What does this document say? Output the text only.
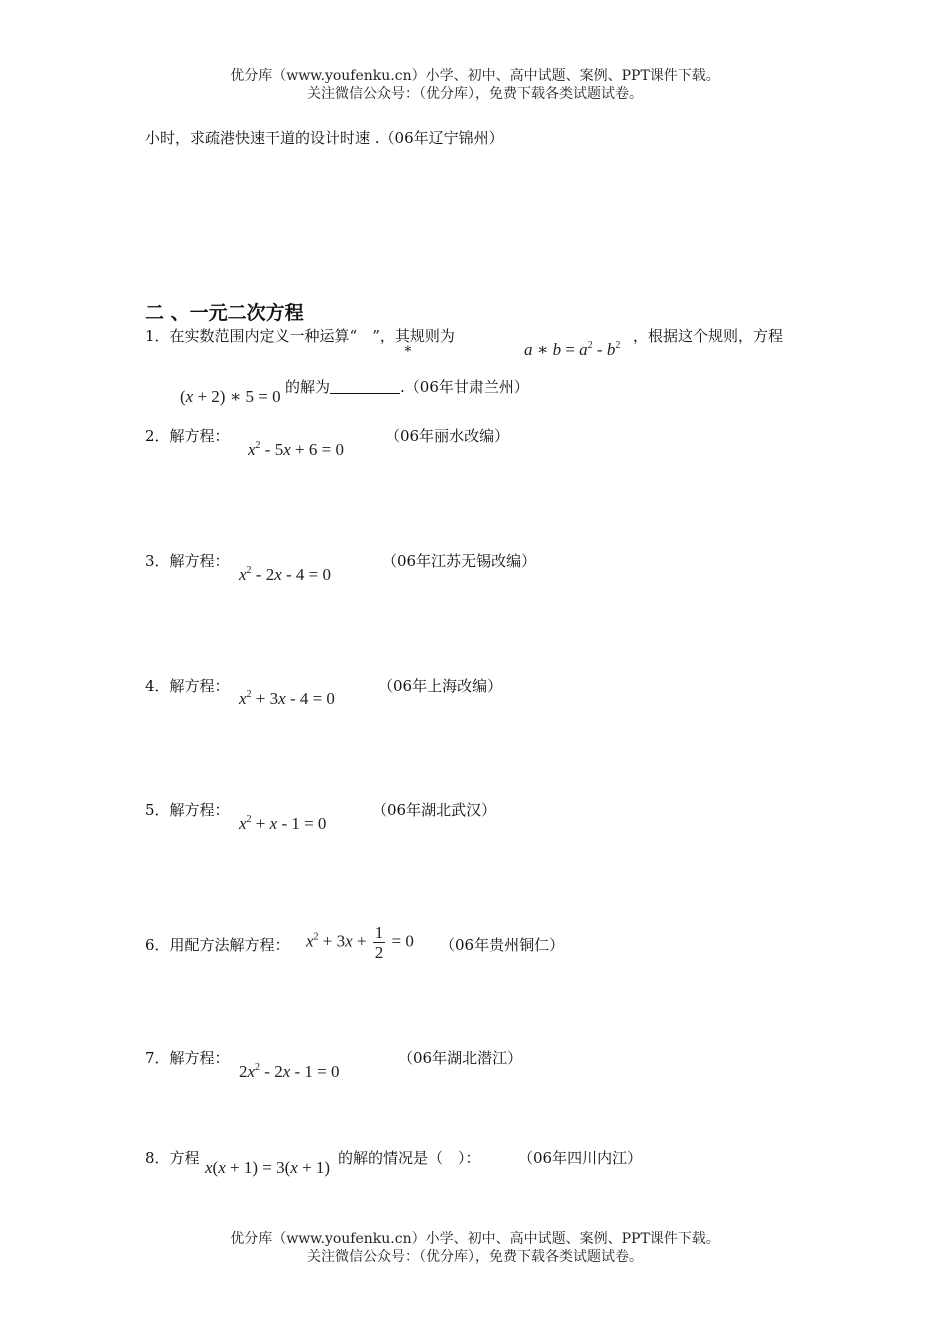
优分库（www.youfenku.cn）小学、初中、高中试题、案例、PPT课件下载。
关注微信公众号：（优分库），免费下载各类试题试卷。
小时，求疏港快速干道的设计时速 .（06年辽宁锦州）
二 、一元二次方程
1．在实数范围内定义一种运算“　”，其规则为
∗	a ∗ $b = a^2 - b^2$
，根据这个规则，方程
(x + 2) ∗ 5 = 0 的解为	.（06年甘肃兰州）
2．解方程：
$x^2 - 5x + 6 = 0$
（06年丽水改编）
3．解方程：
$x^2 - 2x - 4 = 0$
（06年江苏无锡改编）
4．解方程：
$x^2 + 3x - 4 = 0$
（06年上海改编）
5．解方程：
$x^2 + x - 1 = 0$
（06年湖北武汉）
6．用配方法解方程： $x^2 + 3x + \frac{1}{2} = 0$ （06年贵州铜仁）
7．解方程：
$2x^2 - 2x - 1 = 0$
（06年湖北潜江）
8．方程 x(x + 1) = 3(x + 1) 的解的情况是（　）： （06年四川内江）
优分库（www.youfenku.cn）小学、初中、高中试题、案例、PPT课件下载。
关注微信公众号：（优分库），免费下载各类试题试卷。
